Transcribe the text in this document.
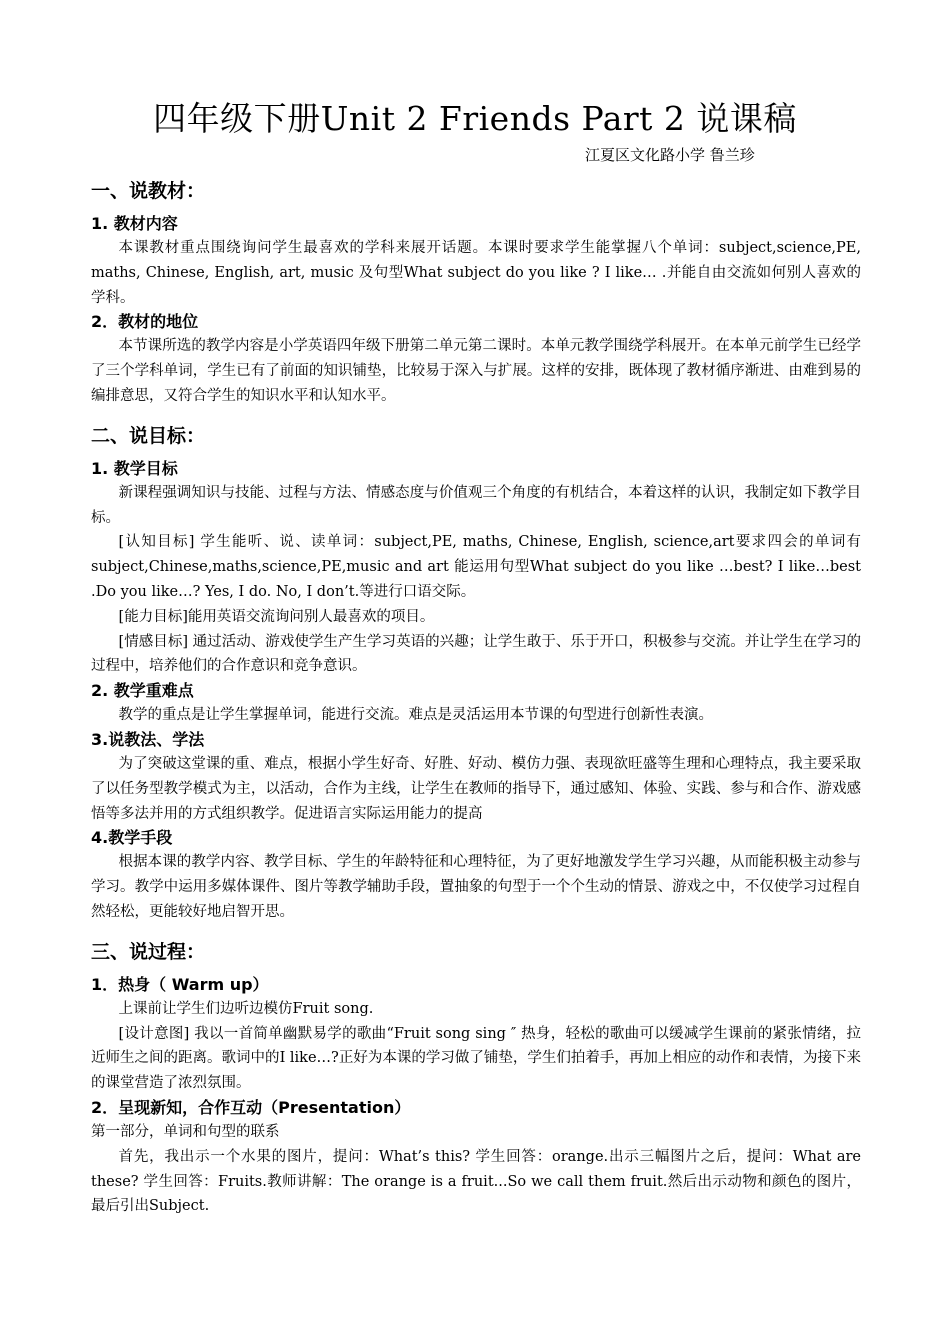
四年级下册Unit 2 Friends Part 2 说课稿
江夏区文化路小学 鲁兰珍
一、说教材：
1. 教材内容

本课教材重点围绕询问学生最喜欢的学科来展开话题。本课时要求学生能掌握八个单词：subject,science,PE, maths, Chinese, English, art, music 及句型What subject do you like ? I like… .并能自由交流如何别人喜欢的学科。

2．教材的地位

本节课所选的教学内容是小学英语四年级下册第二单元第二课时。本单元教学围绕学科展开。在本单元前学生已经学了三个学科单词，学生已有了前面的知识铺垫，比较易于深入与扩展。这样的安排，既体现了教材循序渐进、由难到易的编排意思，又符合学生的知识水平和认知水平。

二、说目标：
1. 教学目标

新课程强调知识与技能、过程与方法、情感态度与价值观三个角度的有机结合，本着这样的认识，我制定如下教学目标。

[认知目标] 学生能听、说、读单词：subject,PE, maths, Chinese, English, science,art要求四会的单词有subject,Chinese,maths,science,PE,music and art 能运用句型What subject do you like …best? I like…best .Do you like…? Yes, I do. No, I don’t.等进行口语交际。

[能力目标]能用英语交流询问别人最喜欢的项目。

[情感目标] 通过活动、游戏使学生产生学习英语的兴趣；让学生敢于、乐于开口，积极参与交流。并让学生在学习的过程中，培养他们的合作意识和竞争意识。

2. 教学重难点

教学的重点是让学生掌握单词，能进行交流。难点是灵活运用本节课的句型进行创新性表演。

3.说教法、学法

为了突破这堂课的重、难点，根据小学生好奇、好胜、好动、模仿力强、表现欲旺盛等生理和心理特点，我主要采取了以任务型教学模式为主，以活动，合作为主线，让学生在教师的指导下，通过感知、体验、实践、参与和合作、游戏感悟等多法并用的方式组织教学。促进语言实际运用能力的提高

4.教学手段

根据本课的教学内容、教学目标、学生的年龄特征和心理特征，为了更好地激发学生学习兴趣，从而能积极主动参与学习。教学中运用多媒体课件、图片等教学辅助手段，置抽象的句型于一个个生动的情景、游戏之中，不仅使学习过程自然轻松，更能较好地启智开思。

三、说过程：
1．热身（ Warm up）

上课前让学生们边听边模仿Fruit song.

[设计意图] 我以一首简单幽默易学的歌曲“Fruit song sing ″ 热身，轻松的歌曲可以缓减学生课前的紧张情绪，拉近师生之间的距离。歌词中的I like…?正好为本课的学习做了铺垫，学生们拍着手，再加上相应的动作和表情，为接下来的课堂营造了浓烈氛围。

2．呈现新知，合作互动（Presentation）

第一部分，单词和句型的联系

首先，我出示一个水果的图片，提问：What’s this? 学生回答：orange.出示三幅图片之后，提问：What are these? 学生回答：Fruits.教师讲解：The orange is a fruit...So we call them fruit.然后出示动物和颜色的图片，最后引出Subject.
